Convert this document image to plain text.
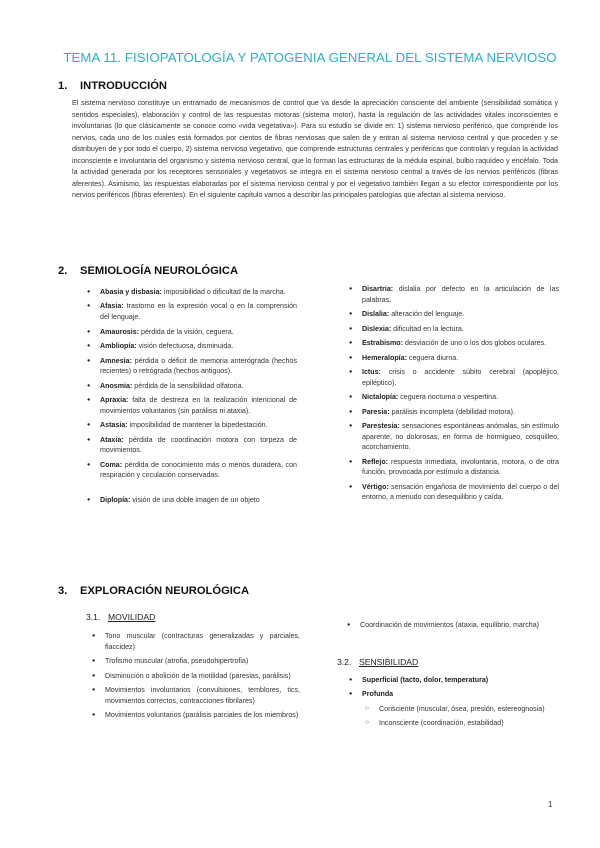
TEMA 11. FISIOPATOLOGÍA Y PATOGENIA GENERAL DEL SISTEMA NERVIOSO
1. INTRODUCCIÓN

El sistema nervioso constituye un entramado de mecanismos de control que va desde la apreciación consciente del ambiente (sensibilidad somática y sentidos especiales), elaboración y control de las respuestas motoras (sistema motor), hasta la regulación de las actividades vitales inconscientes e involuntarias (lo que clásicamente se conoce como «vida vegetativa»). Para su estudio se divide en: 1) sistema nervioso periférico, que comprende los nervios, cada uno de los cuales está formados por cientos de fibras nerviosas que salen de y entran al sistema nervioso central y que proceden y se distribuyen de y por todo el cuerpo, 2) sistema nervioso vegetativo, que comprende estructuras centrales y periféricas que controlan y regulan la actividad inconsciente e involuntaria del organismo y sistema nervioso central, que lo forman las estructuras de la médula espinal, bulbo raquídeo y encéfalo. Toda la actividad generada por los receptores sensoriales y vegetativos se integra en el sistema nervioso central a través de los nervios periféricos (fibras aferentes). Asimismo, las respuestas elaboradas por el sistema nervioso central y por el vegetativo también llegan a su efector correspondiente por los nervios periféricos (fibras eferentes). En el siguiente capítulo vamos a describir las principales patologías que afectan al sistema nervioso.

2. SEMIOLOGÍA NEUROLÓGICA
● Abasia y disbasia: imposibilidad o dificultad de la marcha.
● Afasia: trastorno en la expresión vocal o en la comprensión del lenguaje.
● Amaurosis: pérdida de la visión, ceguera.
● Ambliopía: visión defectuosa, disminuida.
● Amnesia: pérdida o déficit de memoria anterógrada (hechos recientes) o retrógrada (hechos antiguos).
● Anosmia: pérdida de la sensibilidad olfatoria.
● Apraxia: falta de destreza en la realización intencional de movimientos voluntarios (sin parálisis ni ataxia).
● Astasia: imposibilidad de mantener la bipedestación.
● Ataxia: pérdida de coordinación motora con torpeza de movimientos.
● Coma: pérdida de conocimiento más o menos duradera, con respiración y circulación conservadas.
● Diplopía: visión de una doble imagen de un objeto
● Disartria: dislalia por defecto en la articulación de las palabras.
● Dislalia: alteración del lenguaje.
● Dislexia: dificultad en la lectura.
● Estrabismo: desviación de uno o los dos globos oculares.
● Hemeralopía: ceguera diurna.
● Ictus: crisis o accidente súbito cerebral (apopléjico, epiléptico).
● Nictalopía: ceguera nocturna o vespertina.
● Paresia: parálisis incompleta (debilidad motora).
● Parestesia: sensaciones espontáneas anómalas, sin estímulo aparente, no dolorosas, en forma de hormigueo, cosquilleo, acorchamiento.
● Reflejo: respuesta inmediata, involuntaria, motora, o de otra función, provocada por estímulo a distancia.
● Vértigo: sensación engañosa de movimiento del cuerpo o del entorno, a menudo con desequilibrio y caída.
3. EXPLORACIÓN NEUROLÓGICA
3.1. MOVILIDAD
● Tono muscular (contracturas generalizadas y parciales, flaccidez)
● Trofismo muscular (atrofia, pseudohipertrofia)
● Disminución o abolición de la motilidad (paresias, parálisis)
● Movimientos involuntarios (convulsiones, temblores, tics, movimientos correctos, contracciones fibrilares)
● Movimientos voluntarios (parálisis parciales de los miembros)
● Coordinación de movimientos (ataxia, equilibrio, marcha)
3.2. SENSIBILIDAD
● Superficial (tacto, dolor, temperatura)
● Profunda
○ Consciente (muscular, ósea, presión, estereognosia)
○ Inconsciente (coordinación, estabilidad)
1
